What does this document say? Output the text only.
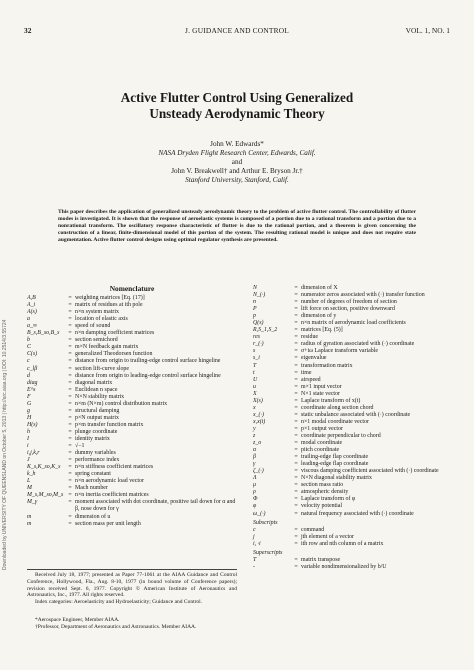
Downloaded by UNIVERSITY OF QUEENSLAND on October 5, 2013 | http://arc.aiaa.org | DOI: 10.2514/3.55724
32	J. GUIDANCE AND CONTROL	VOL. 1, NO. 1
Active Flutter Control Using Generalized
Unsteady Aerodynamic Theory
John W. Edwards*
NASA Dryden Flight Research Center, Edwards, Calif.
and
John V. Breakwell† and Arthur E. Bryson Jr.†
Stanford University, Stanford, Calif.
This paper describes the application of generalized unsteady aerodynamic theory to the problem of active flutter control. The controllability of flutter modes is investigated. It is shown that the response of aeroelastic systems is composed of a portion due to a rational transform and a portion due to a nonrational transform. The oscillatory response characteristic of flutter is due to the rational portion, and a theorem is given concerning the construction of a linear, finite-dimensional model of this portion of the system. The resulting rational model is unique and does not require state augmentation. Active flutter control designs using optimal regulator synthesis are presented.
Nomenclature
A,B	= weighting matrices [Eq. (17)]
A_i	= matrix of residues at ith pole
A(s)	= n×n system matrix
a	= location of elastic axis
a_∞	= speed of sound
B_s,B_so,B_s	= n×n damping coefficient matrices
b	= section semichord
C	= m×N feedback gain matrix
C(s)	= generalized Theodorsen function
c	= distance from origin to trailing-edge control surface hingeline
c_lβ	= section lift-curve slope
d	= distance from origin to leading-edge control surface hingeline
diag	= diagonal matrix
E^s	= Euclidean n space
F	= N×N stability matrix
G	= n×m (N×m) control distribution matrix
g	= structural damping
H	= p×N output matrix
H(s)	= p×m transfer function matrix
h	= plunge coordinate
I	= identity matrix
i	= √−1
i,j,k,r	= dummy variables
J	= performance index
K_s,K_so,K_s	= n×n stiffness coefficient matrices
k_h	= spring constant
L	= n×n aerodynamic load vector
M	= Mach number
M_s,M_so,M_s = n×n inertia coefficient matrices
M_γ	= moment associated with dot coordinate, positive tail down for α and β, nose down for γ
m	= dimension of u
m	= section mass per unit length
N	= dimension of X
N_(·)	= numerator zeros associated with (·) transfer function
n	= number of degrees of freedom of section
P	= lift force on section, positive downward
p	= dimension of y
Q(s)	= n×n matrix of aerodynamic load coefficients
R,S_1,S_2	= matrices [Eq. (5)]
res	= residue
r_(·)	= radius of gyration associated with (·) coordinate
s	= σ+iω Laplace transform variable
s_i	= eigenvalue
T	= transformation matrix
t	= time
U	= airspeed
u	= m×1 input vector
X	= N×1 state vector
X(s)	= Laplace transform of x(t)
x	= coordinate along section chord
x_(·)	= static unbalance associated with (·) coordinate
x,x(t)	= n×1 modal coordinate vector
y	= p×1 output vector
z	= coordinate perpendicular to chord
z_o	= modal coordinate
α	= pitch coordinate
β	= trailing-edge flap coordinate
γ	= leading-edge flap coordinate
ζ_(·)	= viscous damping coefficient associated with (·) coordinate
Λ	= N×N diagonal stability matrix
μ	= section mass ratio
ρ	= atmospheric density
Φ	= Laplace transform of φ
φ	= velocity potential
ω_(·)	= natural frequency associated with (·) coordinate
Subscripts
c	= command
j	= jth element of a vector
i, ·i	= ith row and nth column of a matrix
Superscripts
T	= matrix transpose
-	= variable nondimensionalized by b/U
Received July 18, 1977; presented as Paper 77-1061 at the AIAA Guidance and Control Conference, Hollywood, Fla., Aug. 8-10, 1977 (in bound volume of Conference papers); revision received Sept. 6, 1977. Copyright © American Institute of Aeronautics and Astronautics, Inc., 1977. All rights reserved.
Index categories: Aeroelasticity and Hydroelasticity; Guidance and Control.
*Aerospace Engineer, Member AIAA.
†Professor, Department of Aeronautics and Astronautics. Member AIAA.
